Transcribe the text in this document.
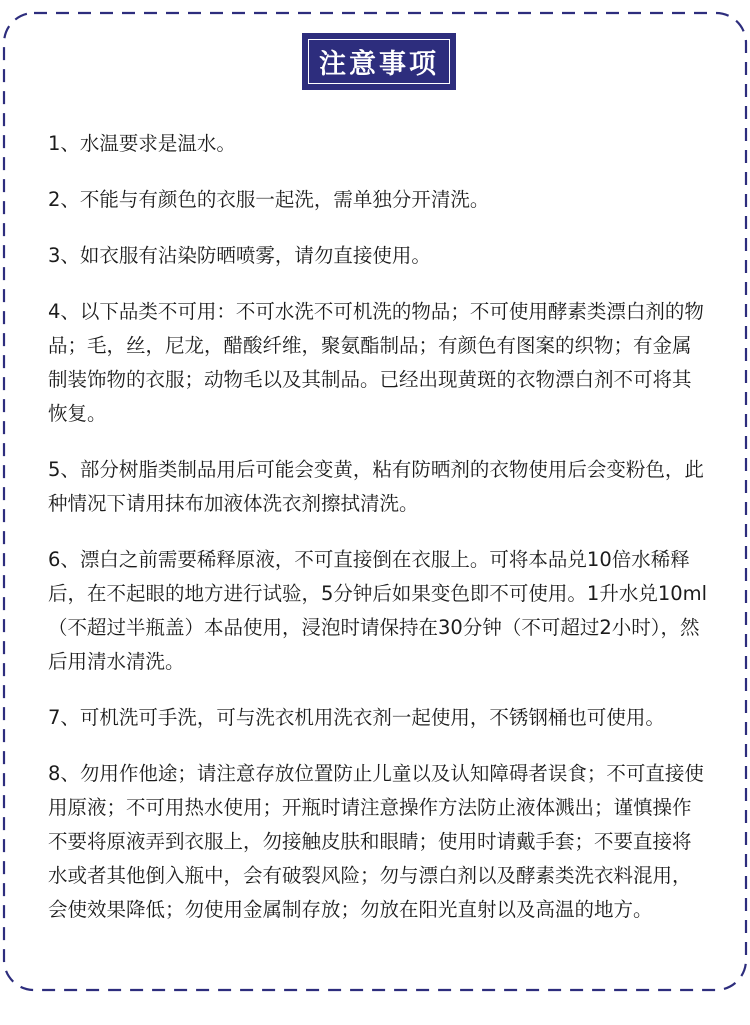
注意事项

1、水温要求是温水。

2、不能与有颜色的衣服一起洗，需单独分开清洗。

3、如衣服有沾染防晒喷雾，请勿直接使用。

4、以下品类不可用：不可水洗不可机洗的物品；不可使用酵素类漂白剂的物品；毛，丝，尼龙，醋酸纤维，聚氨酯制品；有颜色有图案的织物；有金属制装饰物的衣服；动物毛以及其制品。已经出现黄斑的衣物漂白剂不可将其恢复。

5、部分树脂类制品用后可能会变黄，粘有防晒剂的衣物使用后会变粉色，此种情况下请用抹布加液体洗衣剂擦拭清洗。

6、漂白之前需要稀释原液，不可直接倒在衣服上。可将本品兑10倍水稀释后，在不起眼的地方进行试验，5分钟后如果变色即不可使用。1升水兑10ml（不超过半瓶盖）本品使用，浸泡时请保持在30分钟（不可超过2小时），然后用清水清洗。

7、可机洗可手洗，可与洗衣机用洗衣剂一起使用，不锈钢桶也可使用。

8、勿用作他途；请注意存放位置防止儿童以及认知障碍者误食；不可直接使用原液；不可用热水使用；开瓶时请注意操作方法防止液体溅出；谨慎操作不要将原液弄到衣服上，勿接触皮肤和眼睛；使用时请戴手套；不要直接将水或者其他倒入瓶中，会有破裂风险；勿与漂白剂以及酵素类洗衣料混用，会使效果降低；勿使用金属制存放；勿放在阳光直射以及高温的地方。
